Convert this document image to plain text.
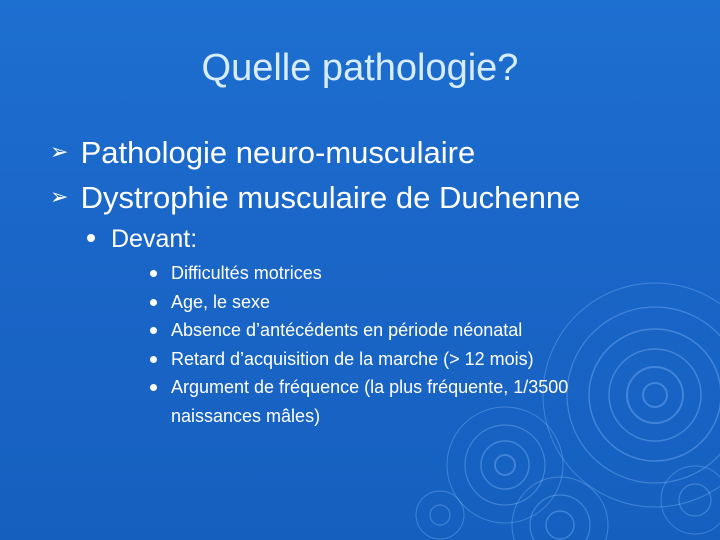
Quelle pathologie?
➢ Pathologie neuro-musculaire
➢ Dystrophie musculaire de Duchenne
Devant:
Difficultés motrices
Age, le sexe
Absence d’antécédents en période néonatal
Retard d’acquisition de la marche (> 12 mois)
Argument de fréquence (la plus fréquente, 1/3500 naissances mâles)
